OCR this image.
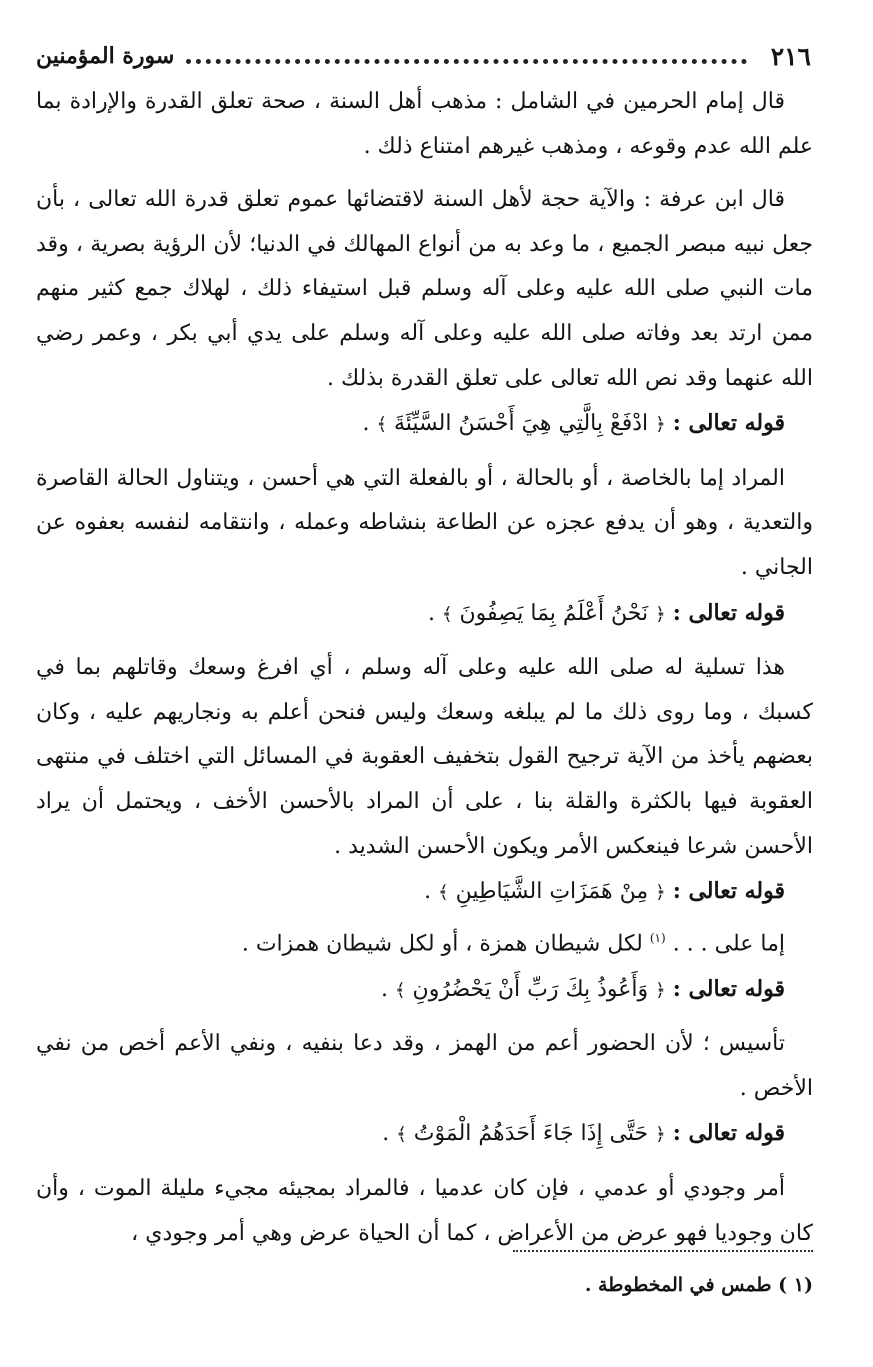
٢١٦
سورة المؤمنين

قال إمام الحرمين في الشامل : مذهب أهل السنة ، صحة تعلق القدرة والإرادة بما علم الله عدم وقوعه ، ومذهب غيرهم امتناع ذلك .

قال ابن عرفة : والآية حجة لأهل السنة لاقتضائها عموم تعلق قدرة الله تعالى ، بأن جعل نبيه مبصر الجميع ، ما وعد به من أنواع المهالك في الدنيا؛ لأن الرؤية بصرية ، وقد مات النبي صلى الله عليه وعلى آله وسلم قبل استيفاء ذلك ، لهلاك جمع كثير منهم ممن ارتد بعد وفاته صلى الله عليه وعلى آله وسلم على يدي أبي بكر ، وعمر رضي الله عنهما وقد نص الله تعالى على تعلق القدرة بذلك .

قوله تعالى : ﴿ ادْفَعْ بِالَّتِي هِيَ أَحْسَنُ السَّيِّئَةَ ﴾ .

المراد إما بالخاصة ، أو بالحالة ، أو بالفعلة التي هي أحسن ، ويتناول الحالة القاصرة والتعدية ، وهو أن يدفع عجزه عن الطاعة بنشاطه وعمله ، وانتقامه لنفسه بعفوه عن الجاني .

قوله تعالى : ﴿ نَحْنُ أَعْلَمُ بِمَا يَصِفُونَ ﴾ .

هذا تسلية له صلى الله عليه وعلى آله وسلم ، أي افرغ وسعك وقاتلهم بما في كسبك ، وما روى ذلك ما لم يبلغه وسعك وليس فنحن أعلم به ونجاريهم عليه ، وكان بعضهم يأخذ من الآية ترجيح القول بتخفيف العقوبة في المسائل التي اختلف في منتهى العقوبة فيها بالكثرة والقلة بنا ، على أن المراد بالأحسن الأخف ، ويحتمل أن يراد الأحسن شرعا فينعكس الأمر ويكون الأحسن الشديد .

قوله تعالى : ﴿ مِنْ هَمَزَاتِ الشَّيَاطِينِ ﴾ .

إما على . . . $^{(١)}$ لكل شيطان همزة ، أو لكل شيطان همزات .

قوله تعالى : ﴿ وَأَعُوذُ بِكَ رَبِّ أَنْ يَحْضُرُونِ ﴾ .

تأسيس ؛ لأن الحضور أعم من الهمز ، وقد دعا بنفيه ، ونفي الأعم أخص من نفي الأخص .

قوله تعالى : ﴿ حَتَّى إِذَا جَاءَ أَحَدَهُمُ الْمَوْتُ ﴾ .

أمر وجودي أو عدمي ، فإن كان عدميا ، فالمراد بمجيئه مجيء مليلة الموت ، وأن كان وجوديا فهو عرض من الأعراض ، كما أن الحياة عرض وهي أمر وجودي ،

(١ ) طمس في المخطوطة .
